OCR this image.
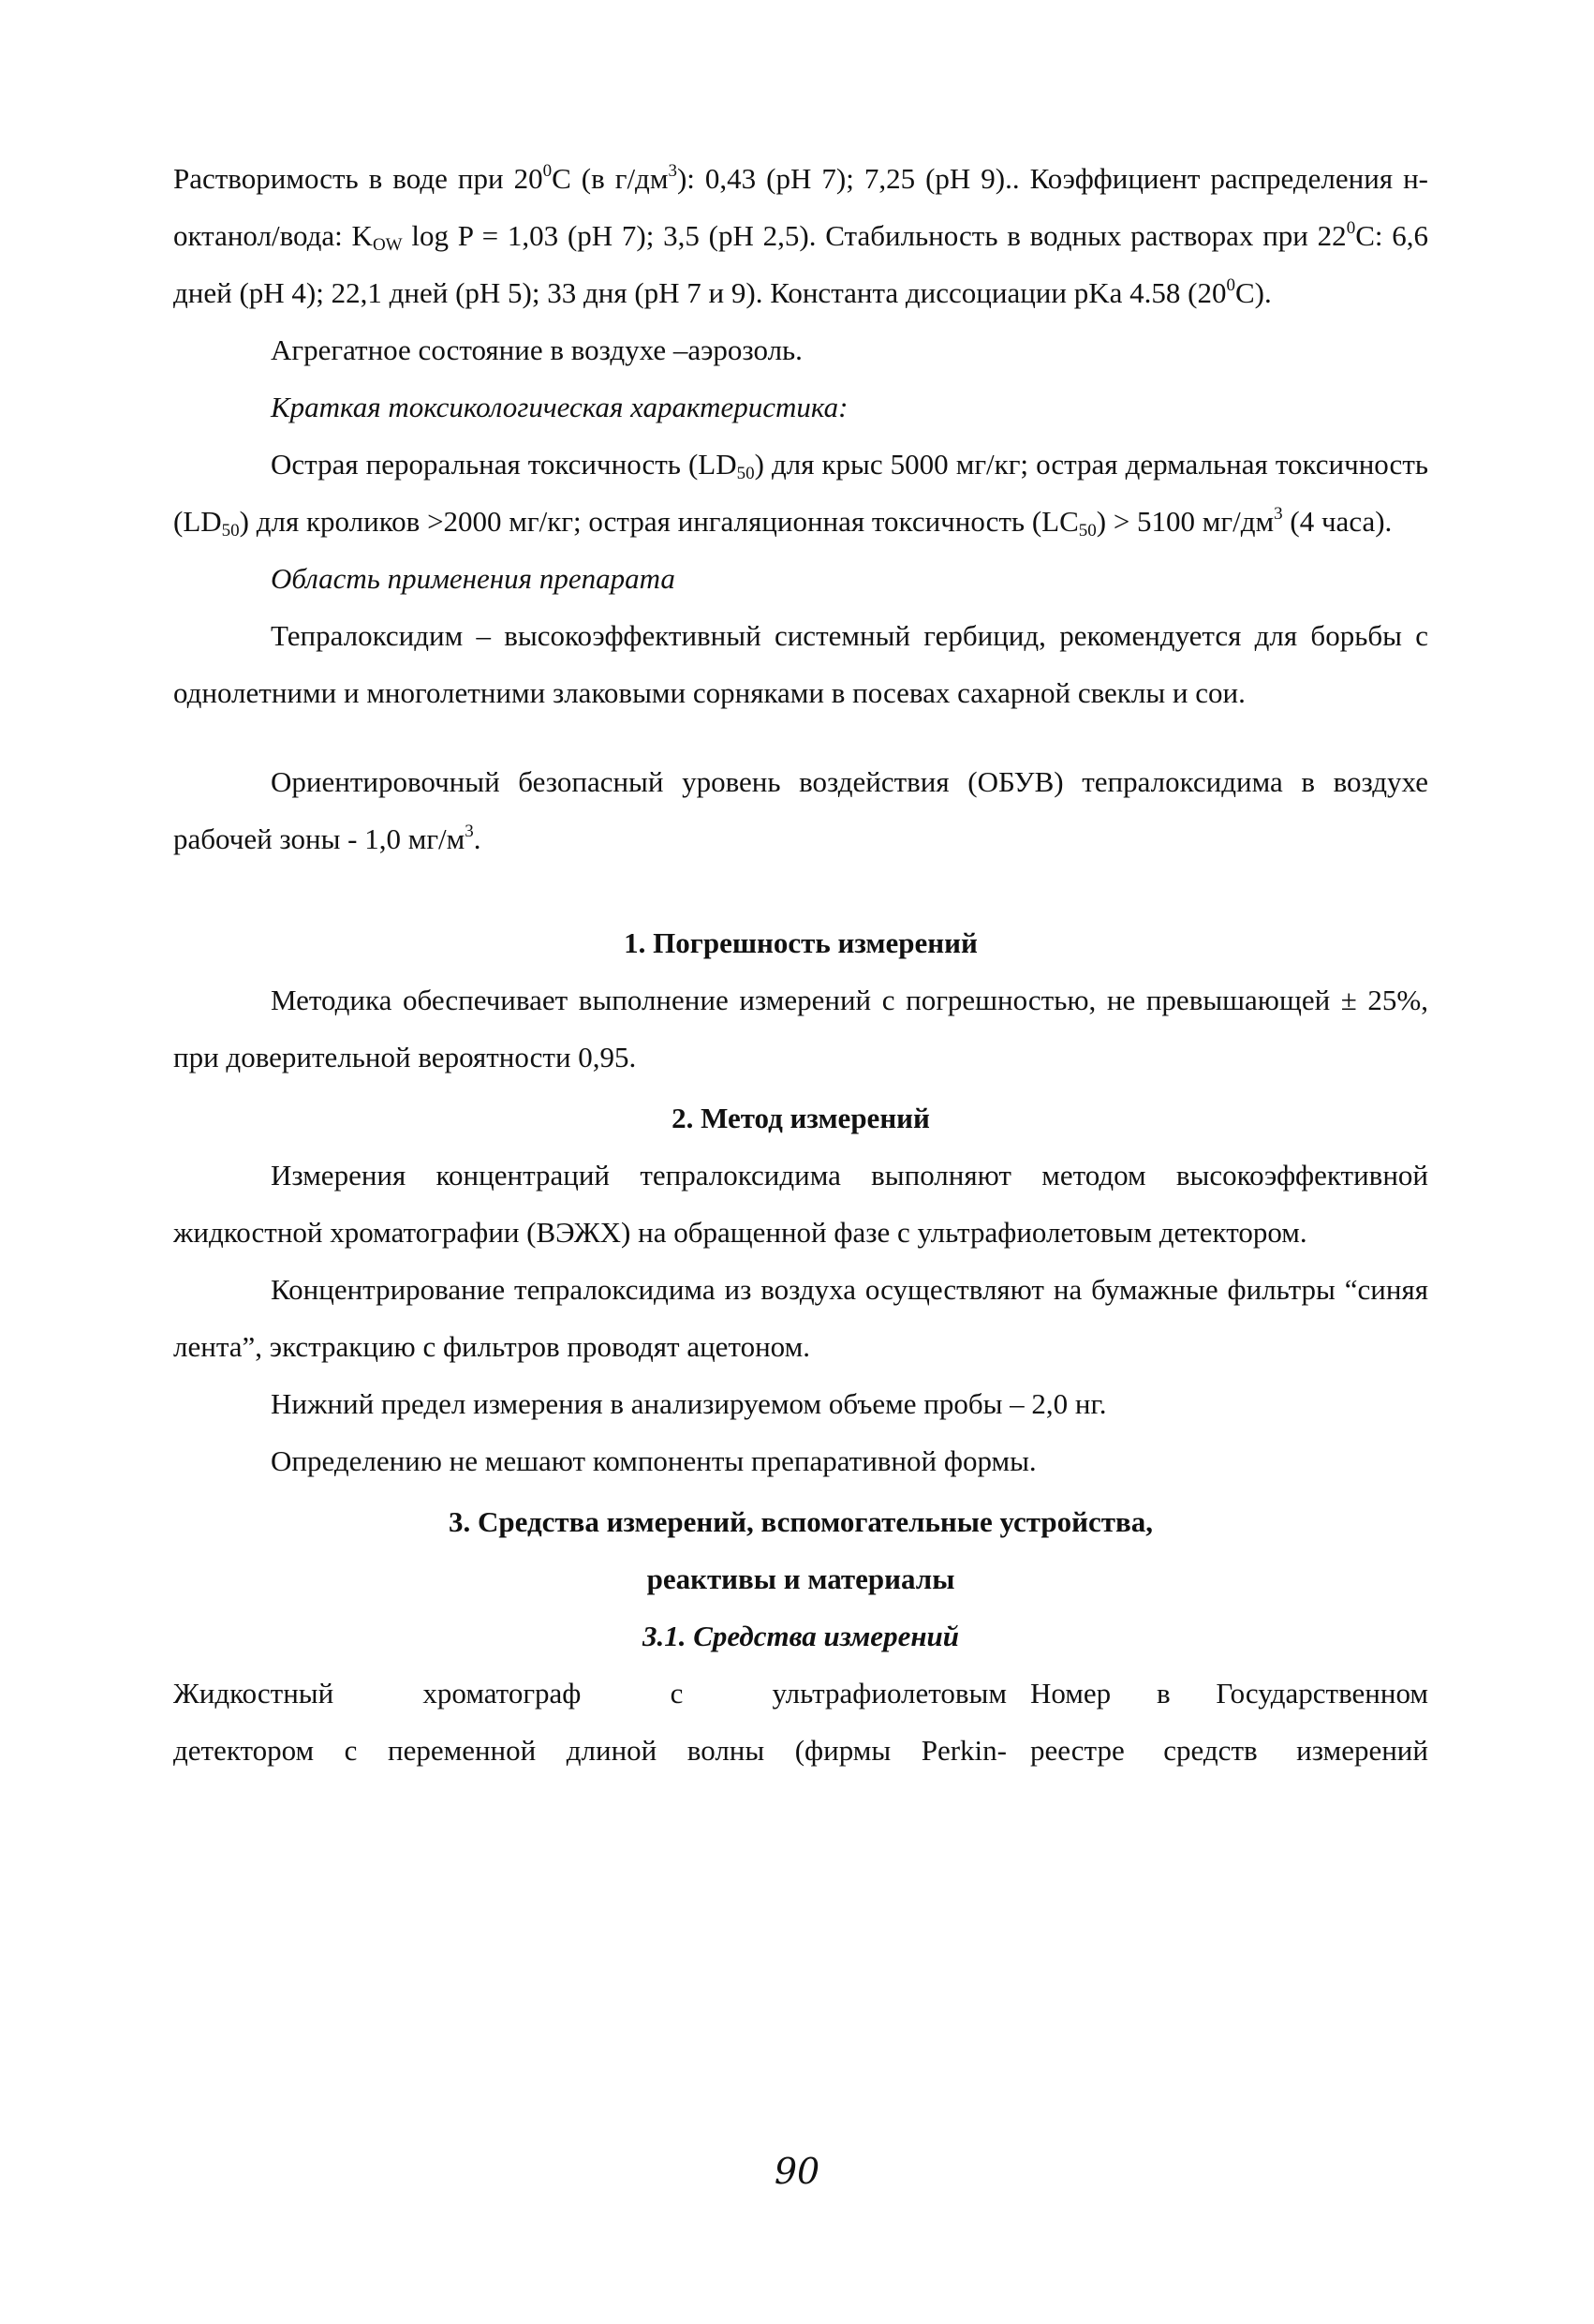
Растворимость в воде при $20^0С$ (в $г/дм^3$): 0,43 (рН 7); 7,25 (рН 9).. Коэффициент распределения н-октанол/вода: $K_{OW}$ log P = 1,03 (рН 7); 3,5 (рН 2,5). Стабильность в водных растворах при $22^0С$: 6,6 дней (рН 4); 22,1 дней (рН 5); 33 дня (рН 7 и 9). Константа диссоциации pKa 4.58 $(20^0С)$.

Агрегатное состояние в воздухе –аэрозоль.

Краткая токсикологическая характеристика:

Острая пероральная токсичность $(LD_{50})$ для крыс 5000 мг/кг; острая дермальная токсичность $(LD_{50})$ для кроликов >2000 мг/кг; острая ингаляционная токсичность $(LC_{50}) > 5100$ $мг/дм^3$ (4 часа).

Область применения препарата

Тепралоксидим – высокоэффективный системный гербицид, рекомендуется для борьбы с однолетними и многолетними злаковыми сорняками в посевах сахарной свеклы и сои.

Ориентировочный безопасный уровень воздействия (ОБУВ) тепралоксидима в воздухе рабочей зоны - 1,0 $мг/м^3$.

1. Погрешность измерений

Методика обеспечивает выполнение измерений с погрешностью, не превышающей ± 25%, при доверительной вероятности 0,95.

2. Метод измерений

Измерения концентраций тепралоксидима выполняют методом высокоэффективной жидкостной хроматографии (ВЭЖХ) на обращенной фазе с ультрафиолетовым детектором.

Концентрирование тепралоксидима из воздуха осуществляют на бумажные фильтры “синяя лента”, экстракцию с фильтров проводят ацетоном.

Нижний предел измерения в анализируемом объеме пробы – 2,0 нг.

Определению не мешают компоненты препаративной формы.

3. Средства измерений, вспомогательные устройства,

реактивы и материалы

3.1. Средства измерений

Жидкостный хроматограф с ультрафиолетовым
детектором с переменной длиной волны (фирмы Perkin-
Номер в Государственном
реестре средств измерений
90
